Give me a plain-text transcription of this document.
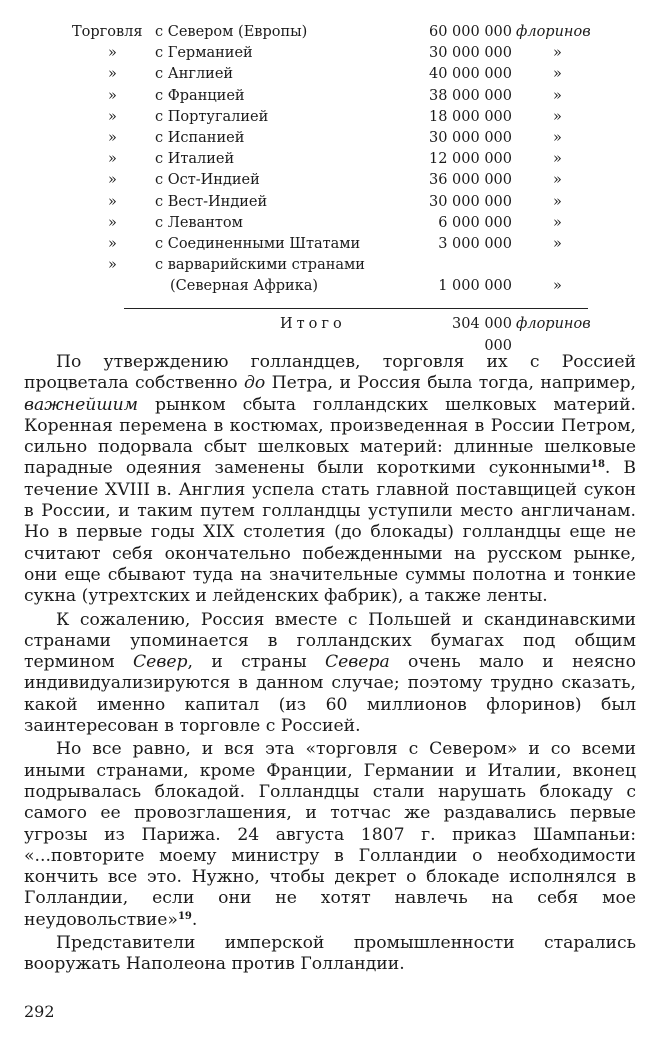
Торговля с Севером (Европы)	60 000 000 флоринов
»	с Германией	30 000 000	»
»	с Англией	40 000 000	»
»	с Францией	38 000 000	»
»	с Португалией	18 000 000	»
»	с Испанией	30 000 000	»
»	с Италией	12 000 000	»
»	с Ост-Индией	36 000 000	»
»	с Вест-Индией	30 000 000	»
»	с Левантом	6 000 000	»
»	с Соединенными Штатами	3 000 000	»
»	с варварийскими странами
(Северная Африка)	1 000 000	»
Итого	304 000 000
флоринов

По утверждению голландцев, торговля их с Россией процветала собственно до Петра, и Россия была тогда, например, важнейшим рынком сбыта голландских шелковых материй. Коренная перемена в костюмах, произведенная в России Петром, сильно подорвала сбыт шелковых материй: длинные шелковые парадные одеяния заменены были короткими суконными$^{18}$. В течение XVIII в. Англия успела стать главной поставщицей сукон в России, и таким путем голландцы уступили место англичанам. Но в первые годы XIX столетия (до блокады) голландцы еще не считают себя окончательно побежденными на русском рынке, они еще сбывают туда на значительные суммы полотна и тонкие сукна (утрехтских и лейденских фабрик), а также ленты.

К сожалению, Россия вместе с Польшей и скандинавскими странами упоминается в голландских бумагах под общим термином Север, и страны Севера очень мало и неясно индивидуализируются в данном случае; поэтому трудно сказать, какой именно капитал (из 60 миллионов флоринов) был заинтересован в торговле с Россией.

Но все равно, и вся эта «торговля с Севером» и со всеми иными странами, кроме Франции, Германии и Италии, вконец подрывалась блокадой. Голландцы стали нарушать блокаду с самого ее провозглашения, и тотчас же раздавались первые угрозы из Парижа. 24 августа 1807 г. приказ Шампаньи: «...повторите моему министру в Голландии о необходимости кончить все это. Нужно, чтобы декрет о блокаде исполнялся в Голландии, если они не хотят навлечь на себя мое неудовольствие»$^{19}$.

Представители имперской промышленности старались вооружать Наполеона против Голландии.

292
